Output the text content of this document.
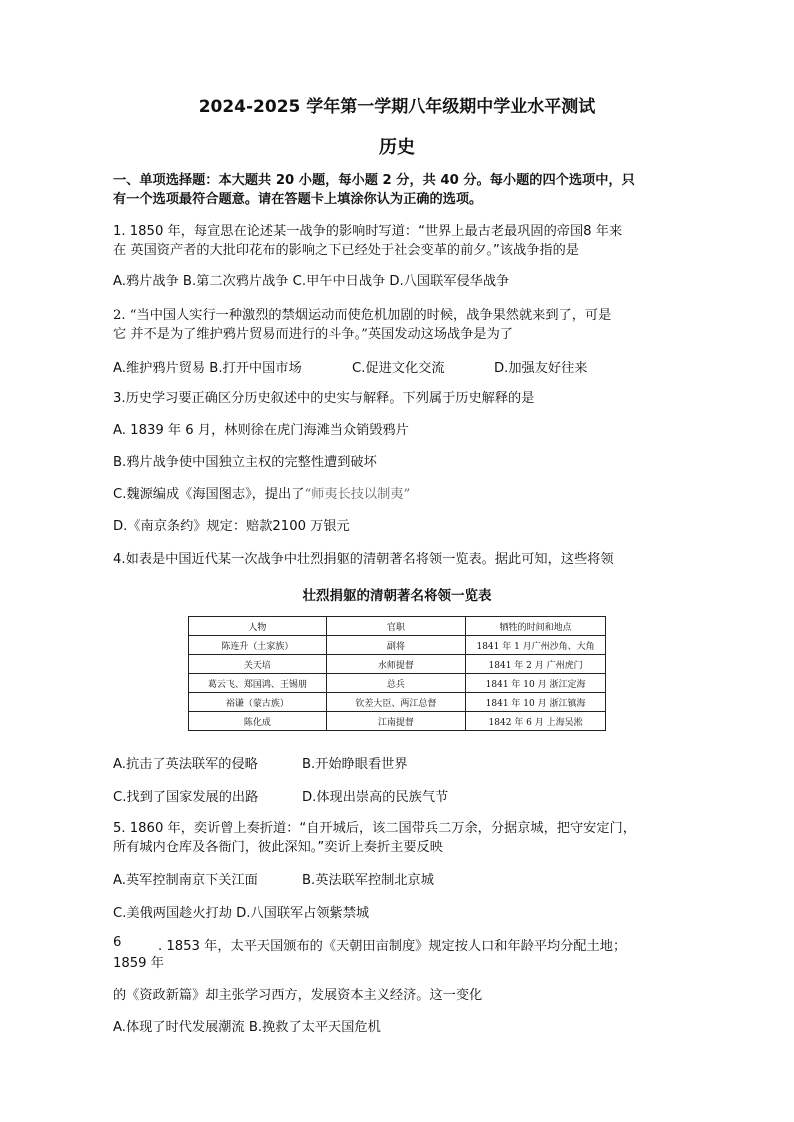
2024-2025 学年第一学期八年级期中学业水平测试
历史
一、单项选择题：本大题共 20 小题，每小题 2 分，共 40 分。每小题的四个选项中，只
有一个选项最符合题意。请在答题卡上填涂你认为正确的选项。
1. 1850 年，每宣思在论述某一战争的影响时写道：“世界上最古老最巩固的帝国8 年来
在 英国资产者的大批印花布的影响之下已经处于社会变革的前夕。”该战争指的是
A.鸦片战争 B.第二次鸦片战争 C.甲午中日战争 D.八国联军侵华战争
2. “当中国人实行一种激烈的禁烟运动而使危机加剧的时候，战争果然就来到了，可是
它 并不是为了维护鸦片贸易而进行的斗争。”英国发动这场战争是为了
A.维护鸦片贸易 B.打开中国市场	C.促进文化交流	D.加强友好往来
3.历史学习要正确区分历史叙述中的史实与解释。下列属于历史解释的是
A. 1839 年 6 月，林则徐在虎门海滩当众销毁鸦片
B.鸦片战争使中国独立主权的完整性遭到破坏
C.魏源编成《海国图志》，提出了“师夷长技以制夷”
D.《南京条约》规定：赔款2100 万银元
4.如表是中国近代某一次战争中壮烈捐躯的清朝著名将领一览表。据此可知，这些将领
壮烈捐躯的清朝著名将领一览表
人物	官职	牺牲的时间和地点
陈连升（土家族）	副将	1841 年 1 月广州沙角、大角
关天培	水师提督	1841 年 2 月 广州虎门
葛云飞、郑国鸿、王锡朋	总兵	1841 年 10 月 浙江定海
裕谦（蒙古族）	钦差大臣、两江总督	1841 年 10 月 浙江镇海
陈化成	江南提督	1842 年 6 月 上海吴淞
A.抗击了英法联军的侵略	B.开始睁眼看世界
C.找到了国家发展的出路	D.体现出崇高的民族气节
5. 1860 年，奕䜣曾上奏折道：“自开城后，该二国带兵二万余，分据京城，把守安定门，
所有城内仓库及各衙门，彼此深知。”奕䜣上奏折主要反映
A.英军控制南京下关江面	B.英法联军控制北京城
C.美俄两国趁火打劫 D.八国联军占领紫禁城
6	. 1853 年，太平天国颁布的《天朝田亩制度》规定按人口和年龄平均分配土地；
1859 年
的《资政新篇》却主张学习西方，发展资本主义经济。这一变化
A.体现了时代发展潮流 B.挽救了太平天国危机
